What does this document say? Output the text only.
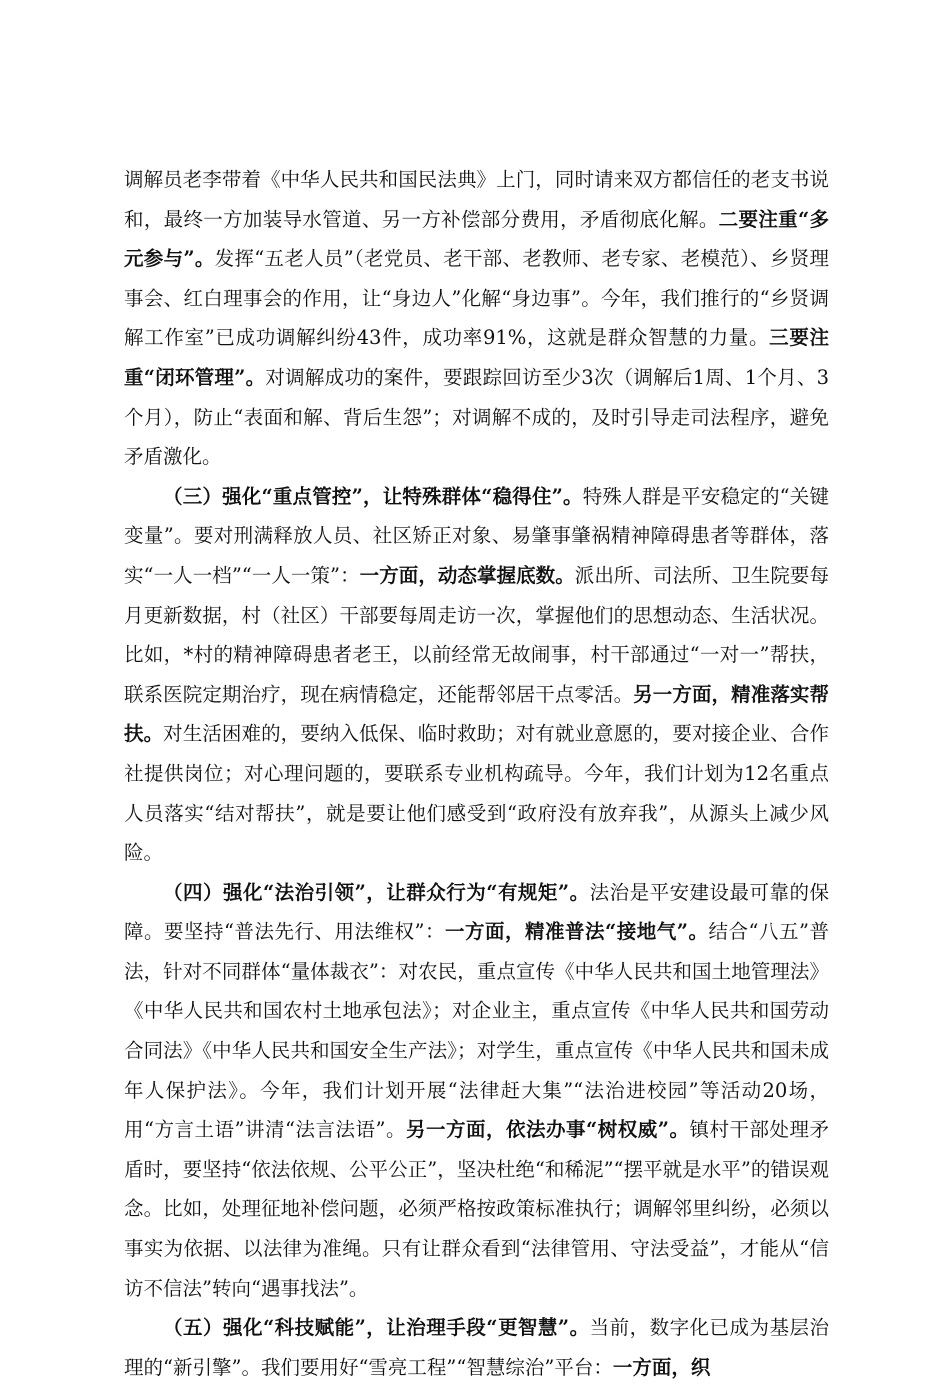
调解员老李带着《中华人民共和国民法典》上门，同时请来双方都信任的老支书说和，最终一方加装导水管道、另一方补偿部分费用，矛盾彻底化解。二要注重“多元参与”。发挥“五老人员”（老党员、老干部、老教师、老专家、老模范）、乡贤理事会、红白理事会的作用，让“身边人”化解“身边事”。今年，我们推行的“乡贤调解工作室”已成功调解纠纷43件，成功率91%，这就是群众智慧的力量。三要注重“闭环管理”。对调解成功的案件，要跟踪回访至少3次（调解后1周、1个月、3个月），防止“表面和解、背后生怨”；对调解不成的，及时引导走司法程序，避免矛盾激化。

（三）强化“重点管控”，让特殊群体“稳得住”。特殊人群是平安稳定的“关键变量”。要对刑满释放人员、社区矫正对象、易肇事肇祸精神障碍患者等群体，落实“一人一档”“一人一策”：一方面，动态掌握底数。派出所、司法所、卫生院要每月更新数据，村（社区）干部要每周走访一次，掌握他们的思想动态、生活状况。比如，*村的精神障碍患者老王，以前经常无故闹事，村干部通过“一对一”帮扶，联系医院定期治疗，现在病情稳定，还能帮邻居干点零活。另一方面，精准落实帮扶。对生活困难的，要纳入低保、临时救助；对有就业意愿的，要对接企业、合作社提供岗位；对心理问题的，要联系专业机构疏导。今年，我们计划为12名重点人员落实“结对帮扶”，就是要让他们感受到“政府没有放弃我”，从源头上减少风险。

（四）强化“法治引领”，让群众行为“有规矩”。法治是平安建设最可靠的保障。要坚持“普法先行、用法维权”：一方面，精准普法“接地气”。结合“八五”普法，针对不同群体“量体裁衣”：对农民，重点宣传《中华人民共和国土地管理法》《中华人民共和国农村土地承包法》；对企业主，重点宣传《中华人民共和国劳动合同法》《中华人民共和国安全生产法》；对学生，重点宣传《中华人民共和国未成年人保护法》。今年，我们计划开展“法律赶大集”“法治进校园”等活动20场，用“方言土语”讲清“法言法语”。另一方面，依法办事“树权威”。镇村干部处理矛盾时，要坚持“依法依规、公平公正”，坚决杜绝“和稀泥”“摆平就是水平”的错误观念。比如，处理征地补偿问题，必须严格按政策标准执行；调解邻里纠纷，必须以事实为依据、以法律为准绳。只有让群众看到“法律管用、守法受益”，才能从“信访不信法”转向“遇事找法”。

（五）强化“科技赋能”，让治理手段“更智慧”。当前，数字化已成为基层治理的“新引擎”。我们要用好“雪亮工程”“智慧综治”平台：一方面，织
